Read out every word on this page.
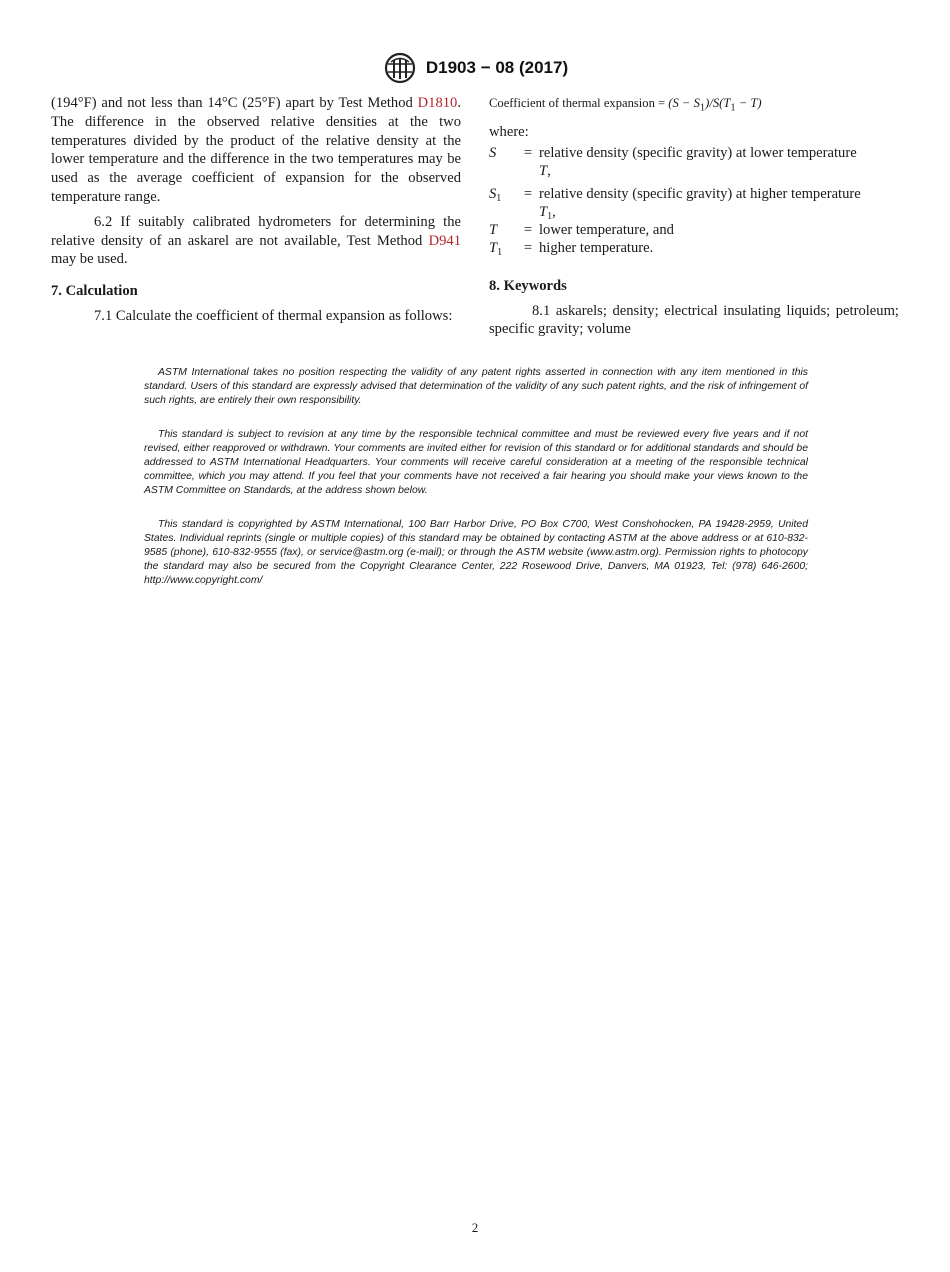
D1903 − 08 (2017)

(194°F) and not less than 14°C (25°F) apart by Test Method D1810. The difference in the observed relative densities at the two temperatures divided by the product of the relative density at the lower temperature and the difference in the two temperatures may be used as the average coefficient of expansion for the observed temperature range.

6.2 If suitably calibrated hydrometers for determining the relative density of an askarel are not available, Test Method D941 may be used.

7. Calculation

7.1 Calculate the coefficient of thermal expansion as follows:

Coefficient of thermal expansion = $(S - S_1)/S(T_1 - T)$

where:

S	=	relative density (specific gravity) at lower temperature
T,
$S_1$	=	relative density (specific gravity) at higher temperature
$T_1$,
T	=	lower temperature, and
$T_1$	=	higher temperature.

8. Keywords

8.1 askarels; density; electrical insulating liquids; petroleum; specific gravity; volume

ASTM International takes no position respecting the validity of any patent rights asserted in connection with any item mentioned in this standard. Users of this standard are expressly advised that determination of the validity of any such patent rights, and the risk of infringement of such rights, are entirely their own responsibility.

This standard is subject to revision at any time by the responsible technical committee and must be reviewed every five years and if not revised, either reapproved or withdrawn. Your comments are invited either for revision of this standard or for additional standards and should be addressed to ASTM International Headquarters. Your comments will receive careful consideration at a meeting of the responsible technical committee, which you may attend. If you feel that your comments have not received a fair hearing you should make your views known to the ASTM Committee on Standards, at the address shown below.

This standard is copyrighted by ASTM International, 100 Barr Harbor Drive, PO Box C700, West Conshohocken, PA 19428-2959, United States. Individual reprints (single or multiple copies) of this standard may be obtained by contacting ASTM at the above address or at 610-832-9585 (phone), 610-832-9555 (fax), or service@astm.org (e-mail); or through the ASTM website (www.astm.org). Permission rights to photocopy the standard may also be secured from the Copyright Clearance Center, 222 Rosewood Drive, Danvers, MA 01923, Tel: (978) 646-2600; http://www.copyright.com/

2
